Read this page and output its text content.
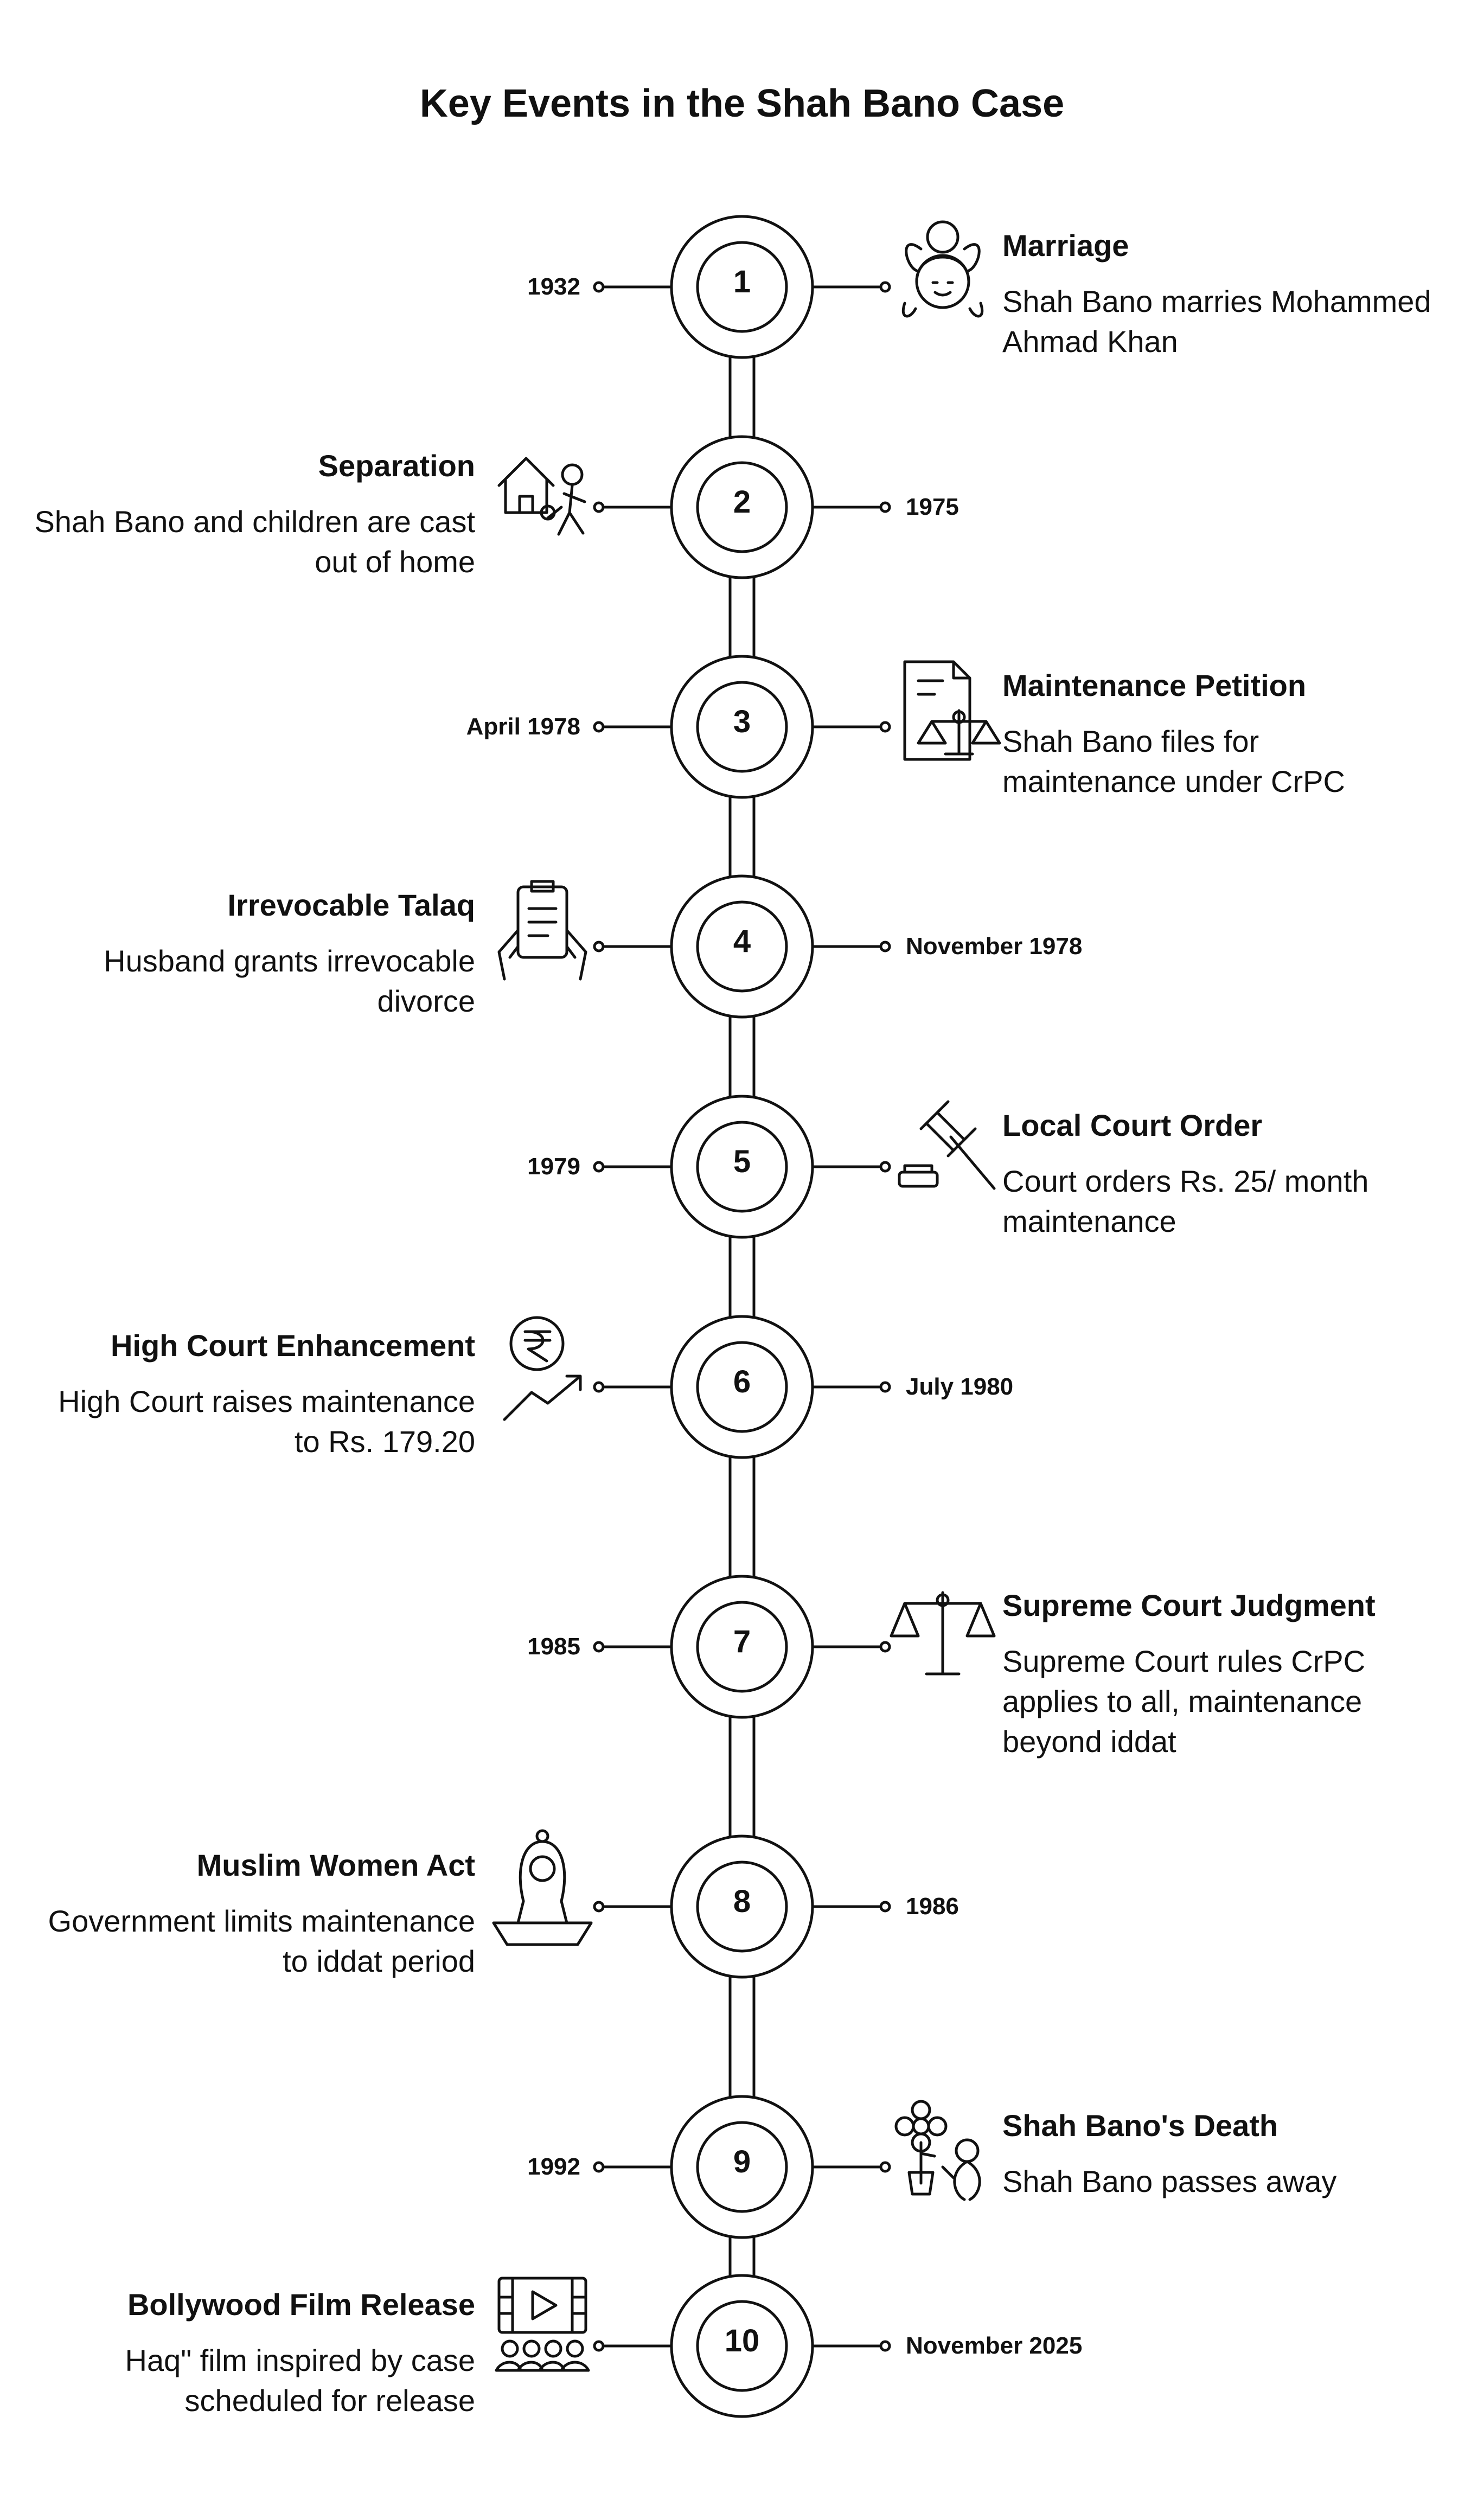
Key Events in the Shah Bano Case
1
1932
Marriage
Shah Bano marries Mohammed Ahmad Khan
2	1975
Separation
Shah Bano and children are cast out of home
3
April 1978
Maintenance Petition
Shah Bano files for maintenance under CrPC
4	November 1978
Irrevocable Talaq
Husband grants irrevocable divorce
5
1979
Local Court Order
Court orders Rs. 25/ month maintenance
6	July 1980
High Court Enhancement
High Court raises maintenance to Rs. 179.20
7
1985
Supreme Court Judgment
Supreme Court rules CrPC applies to all, maintenance beyond iddat
8	1986
Muslim Women Act
Government limits maintenance to iddat period
9
1992
Shah Bano's Death
Shah Bano passes away
10	November 2025
Bollywood Film Release
Haq" film inspired by case scheduled for release
